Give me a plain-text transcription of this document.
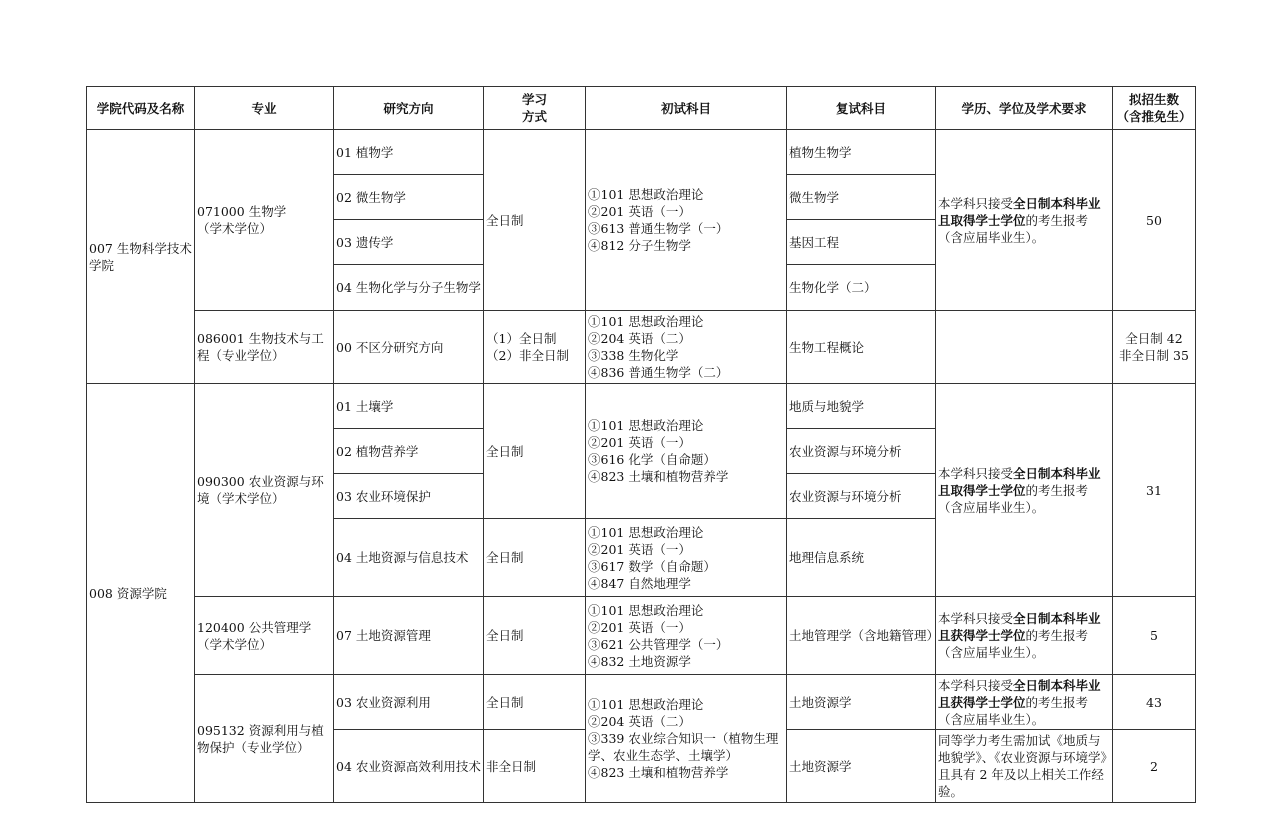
学院代码及名称	专业	研究方向	学习
方式	初试科目	复试科目	学历、学位及学术要求	拟招生数
（含推免生）
007 生物科学技术学院	071000 生物学
（学术学位）	01 植物学	全日制	①101 思想政治理论
②201 英语（一）
③613 普通生物学（一）
④812 分子生物学	植物生物学	本学科只接受全日制本科毕业且取得学士学位的考生报考（含应届毕业生）。	50
		02 微生物学			微生物学		
		03 遗传学			基因工程		
		04 生物化学与分子生物学			生物化学（二）		
	086001 生物技术与工程（专业学位）	00 不区分研究方向	（1）全日制
（2）非全日制	①101 思想政治理论
②204 英语（二）
③338 生物化学
④836 普通生物学（二）	生物工程概论		全日制 42
非全日制 35
008 资源学院	090300 农业资源与环境（学术学位）	01 土壤学	全日制	①101 思想政治理论
②201 英语（一）
③616 化学（自命题）
④823 土壤和植物营养学	地质与地貌学	本学科只接受全日制本科毕业且取得学士学位的考生报考（含应届毕业生）。	31
		02 植物营养学			农业资源与环境分析		
		03 农业环境保护			农业资源与环境分析		
		04 土地资源与信息技术	全日制	①101 思想政治理论
②201 英语（一）
③617 数学（自命题）
④847 自然地理学	地理信息系统		
	120400 公共管理学
（学术学位）	07 土地资源管理	全日制	①101 思想政治理论
②201 英语（一）
③621 公共管理学（一）
④832 土地资源学	土地管理学（含地籍管理）	本学科只接受全日制本科毕业且获得学士学位的考生报考（含应届毕业生）。	5
	095132 资源利用与植物保护（专业学位）	03 农业资源利用	全日制	①101 思想政治理论
②204 英语（二）
③339 农业综合知识一（植物生理学、农业生态学、土壤学）
④823 土壤和植物营养学	土地资源学	本学科只接受全日制本科毕业且获得学士学位的考生报考（含应届毕业生）。	43
		04 农业资源高效利用技术	非全日制		土地资源学	同等学力考生需加试《地质与地貌学》、《农业资源与环境学》且具有 2 年及以上相关工作经验。	2
